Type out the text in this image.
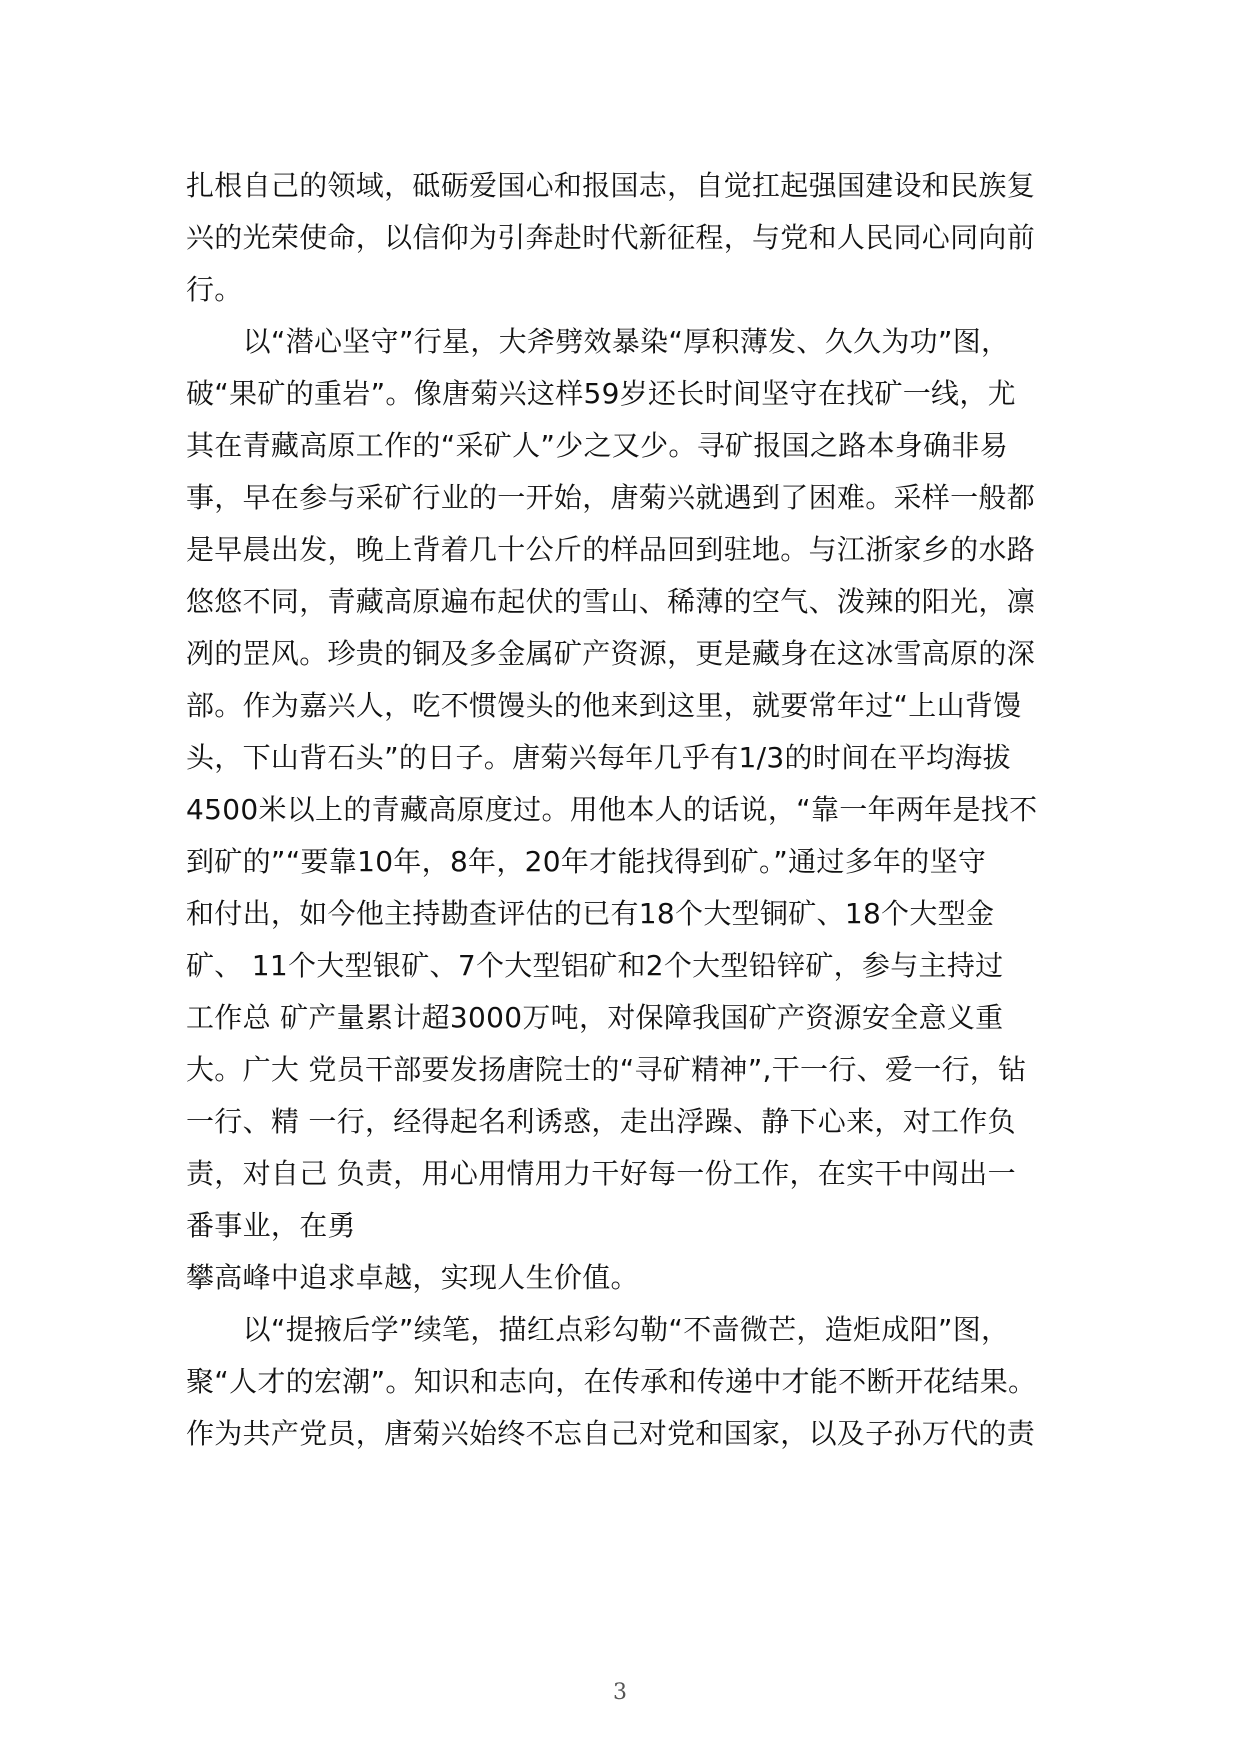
扎根自己的领域，砥砺爱国心和报国志，自觉扛起强国建设和民族复
兴的光荣使命，以信仰为引奔赴时代新征程，与党和人民同心同向前
行。
　　以“潜心坚守”行星，大斧劈效暴染“厚积薄发、久久为功”图，
破“果矿的重岩”。像唐菊兴这样59岁还长时间坚守在找矿一线，尤
其在青藏高原工作的“采矿人”少之又少。寻矿报国之路本身确非易
事，早在参与采矿行业的一开始，唐菊兴就遇到了困难。采样一般都
是早晨出发，晚上背着几十公斤的样品回到驻地。与江浙家乡的水路
悠悠不同，青藏高原遍布起伏的雪山、稀薄的空气、泼辣的阳光，凛
冽的罡风。珍贵的铜及多金属矿产资源，更是藏身在这冰雪高原的深
部。作为嘉兴人，吃不惯馒头的他来到这里，就要常年过“上山背馒
头，下山背石头”的日子。唐菊兴每年几乎有1/3的时间在平均海拔
4500米以上的青藏高原度过。用他本人的话说，“靠一年两年是找不
到矿的”“要靠10年，8年，20年才能找得到矿。”通过多年的坚守
和付出，如今他主持勘查评估的已有18个大型铜矿、18个大型金
矿、 11个大型银矿、7个大型铝矿和2个大型铅锌矿，参与主持过
工作总 矿产量累计超3000万吨，对保障我国矿产资源安全意义重
大。广大 党员干部要发扬唐院士的“寻矿精神”,干一行、爱一行，钻
一行、精 一行，经得起名利诱惑，走出浮躁、静下心来，对工作负
责，对自己 负责，用心用情用力干好每一份工作，在实干中闯出一
番事业，在勇
攀高峰中追求卓越，实现人生价值。
　　以“提掖后学”续笔，描红点彩勾勒“不啬微芒，造炬成阳”图，
聚“人才的宏潮”。知识和志向，在传承和传递中才能不断开花结果。
作为共产党员，唐菊兴始终不忘自己对党和国家，以及子孙万代的责
3
